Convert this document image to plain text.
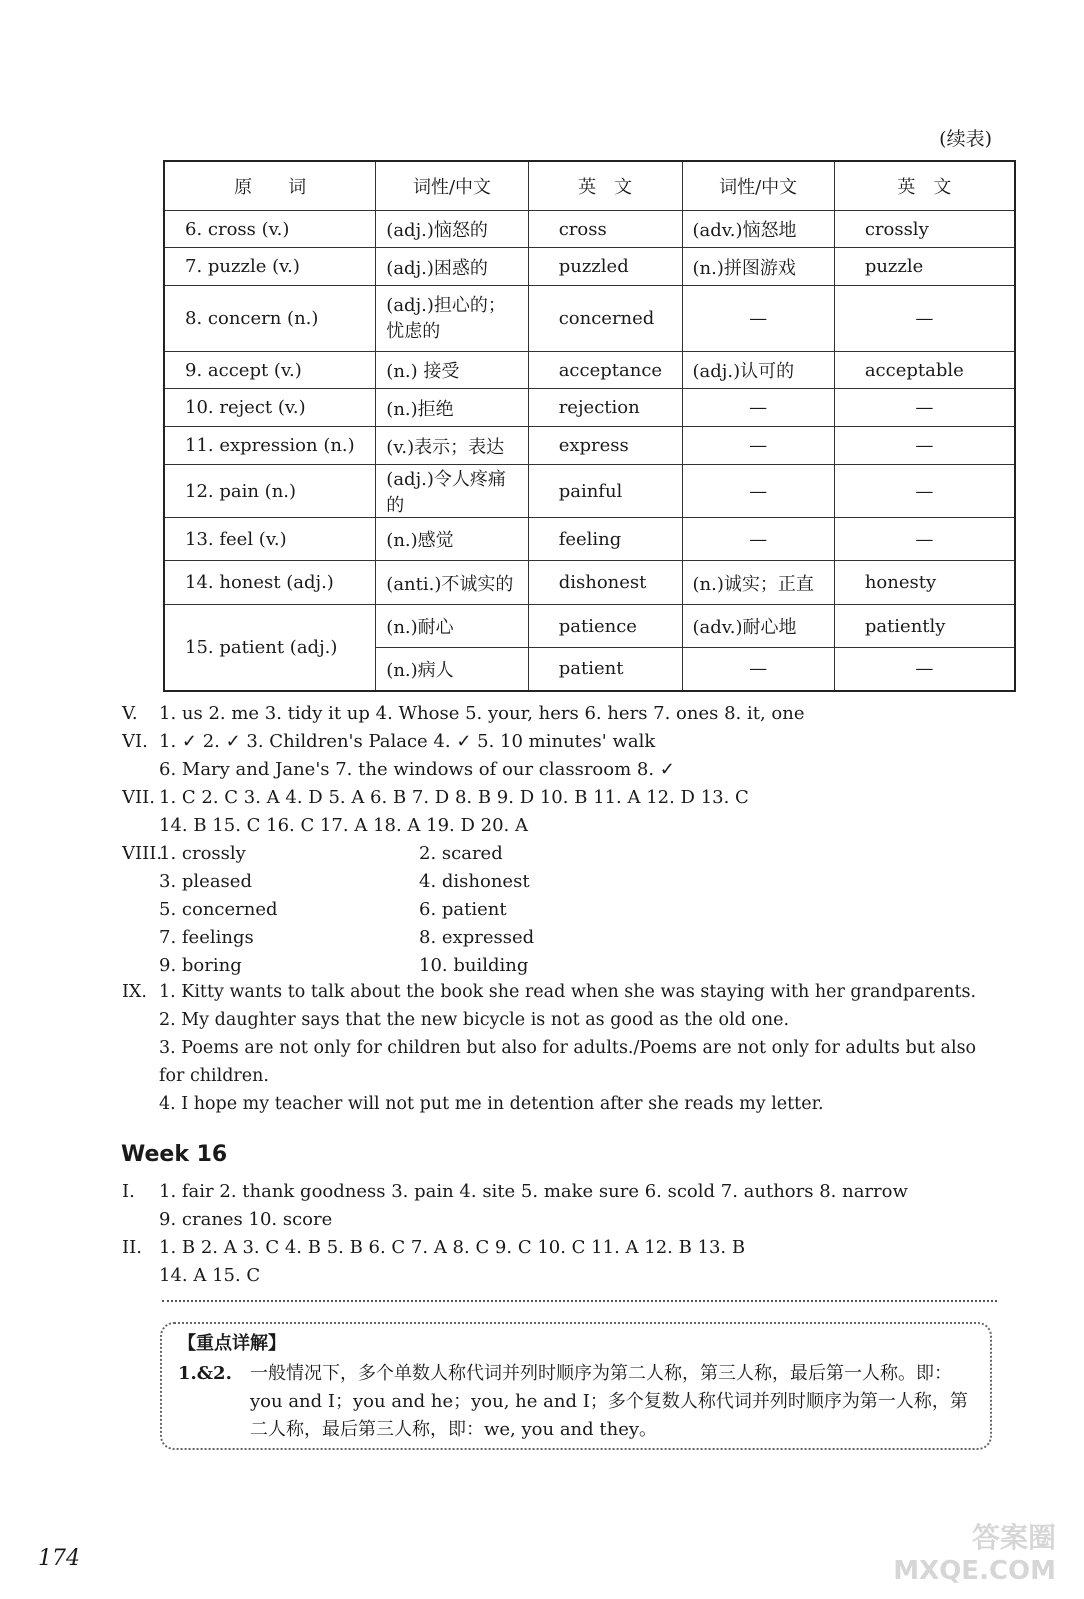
(续表)
原　　词	词性/中文	英　文	词性/中文	英　文
6. cross (v.)	(adj.)恼怒的	cross	(adv.)恼怒地	crossly
7. puzzle (v.)	(adj.)困惑的	puzzled	(n.)拼图游戏	puzzle
8. concern (n.)	(adj.)担心的；忧虑的	concerned	—	—
9. accept (v.)	(n.) 接受	acceptance	(adj.)认可的	acceptable
10. reject (v.)	(n.)拒绝	rejection	—	—
11. expression (n.)	(v.)表示；表达	express	—	—
12. pain (n.)	(adj.)令人疼痛的	painful	—	—
13. feel (v.)	(n.)感觉	feeling	—	—
14. honest (adj.)	(anti.)不诚实的	dishonest	(n.)诚实；正直	honesty
15. patient (adj.)	(n.)耐心	patience	(adv.)耐心地	patiently
	(n.)病人	patient	—	—
V. 1. us 2. me 3. tidy it up 4. Whose 5. your, hers 6. hers 7. ones 8. it, one
VI. 1. ✓ 2. ✓ 3. Children's Palace 4. ✓ 5. 10 minutes' walk
6. Mary and Jane's 7. the windows of our classroom 8. ✓
VII. 1. C 2. C 3. A 4. D 5. A 6. B 7. D 8. B 9. D 10. B 11. A 12. D 13. C
14. B 15. C 16. C 17. A 18. A 19. D 20. A
VIII.
1. crossly	2. scared
3. pleased	4. dishonest
5. concerned	6. patient
7. feelings	8. expressed
9. boring	10. building
IX. 1. Kitty wants to talk about the book she read when she was staying with her grandparents.
2. My daughter says that the new bicycle is not as good as the old one.
3. Poems are not only for children but also for adults./Poems are not only for adults but also
for children.
4. I hope my teacher will not put me in detention after she reads my letter.
Week 16
I. 1. fair 2. thank goodness 3. pain 4. site 5. make sure 6. scold 7. authors 8. narrow
9. cranes 10. score
II. 1. B 2. A 3. C 4. B 5. B 6. C 7. A 8. C 9. C 10. C 11. A 12. B 13. B
14. A 15. C
【重点详解】
1.&2. 一般情况下，多个单数人称代词并列时顺序为第二人称，第三人称，最后第一人称。即：you and I；you and he；you, he and I；多个复数人称代词并列时顺序为第一人称，第二人称，最后第三人称，即：we, you and they。
174
答案圈
MXQE.COM
